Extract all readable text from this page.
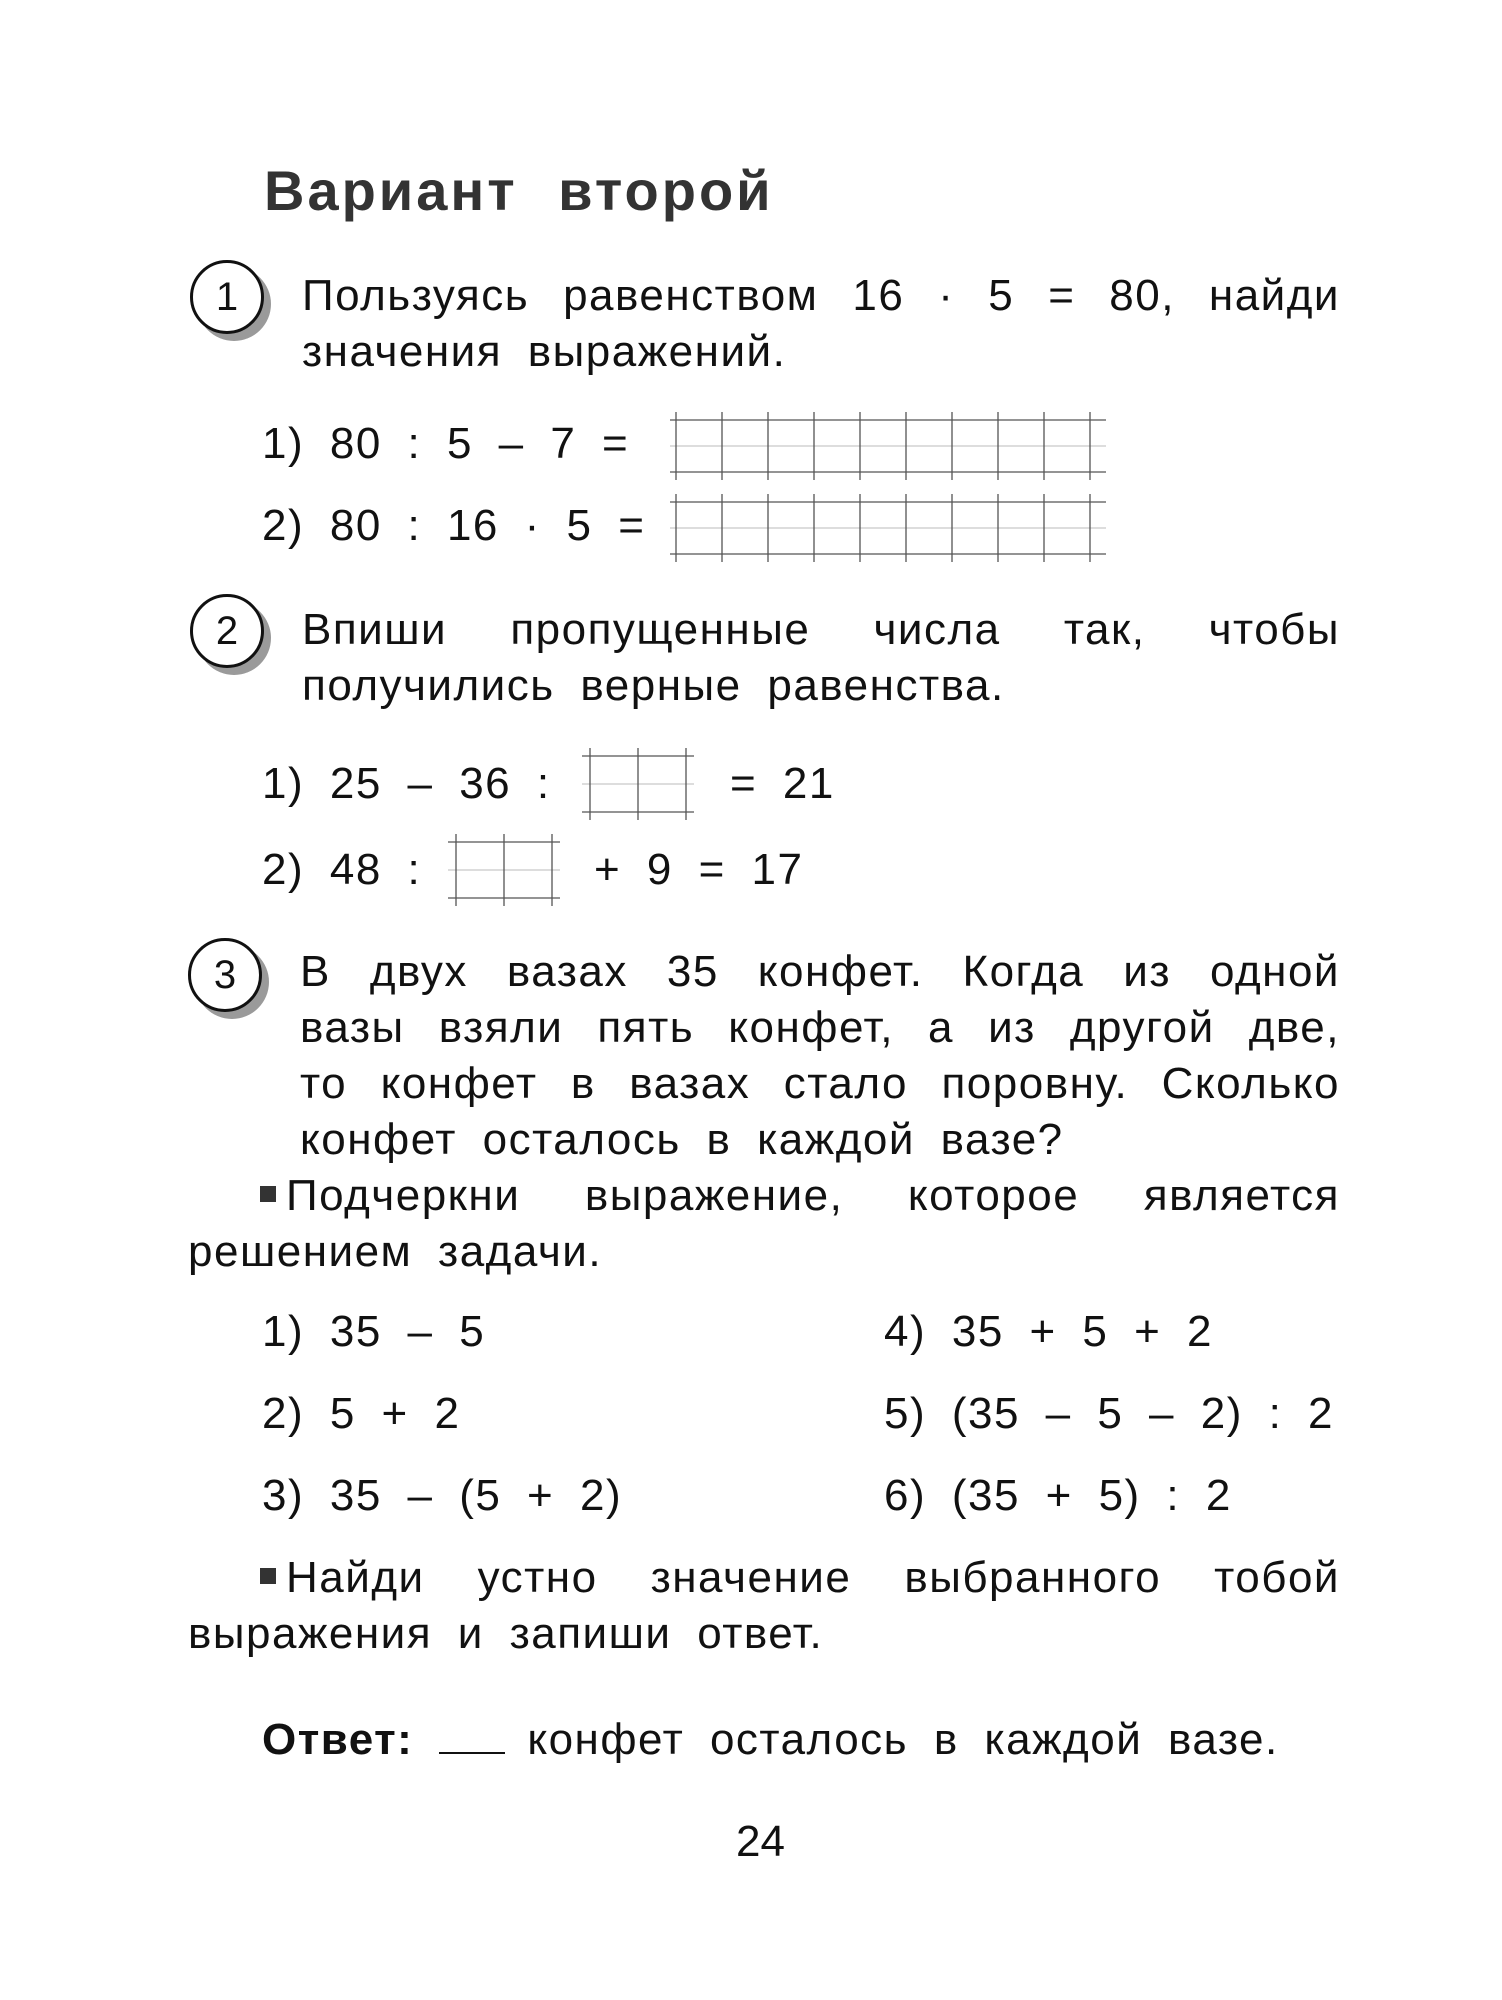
Вариант второй
1	Пользуясь равенством 16 · 5 = 80, найди значения выражений.
1) 80 : 5 – 7 =
2) 80 : 16 · 5 =
2	Впиши пропущенные числа так, чтобы получились верные равенства.
1) 25 – 36 :	= 21
2) 48 :	+ 9 = 17
3	В двух вазах 35 конфет. Когда из одной вазы взяли пять конфет, а из другой две, то конфет в вазах стало поровну. Сколько конфет осталось в каждой вазе?
Подчеркни выражение, которое является решением задачи.
1) 35 – 5
2) 5 + 2
3) 35 – (5 + 2)
4) 35 + 5 + 2
5) (35 – 5 – 2) : 2
6) (35 + 5) : 2
Найди устно значение выбранного тобой выражения и запиши ответ.
Ответ:	конфет осталось в каждой вазе.
24
